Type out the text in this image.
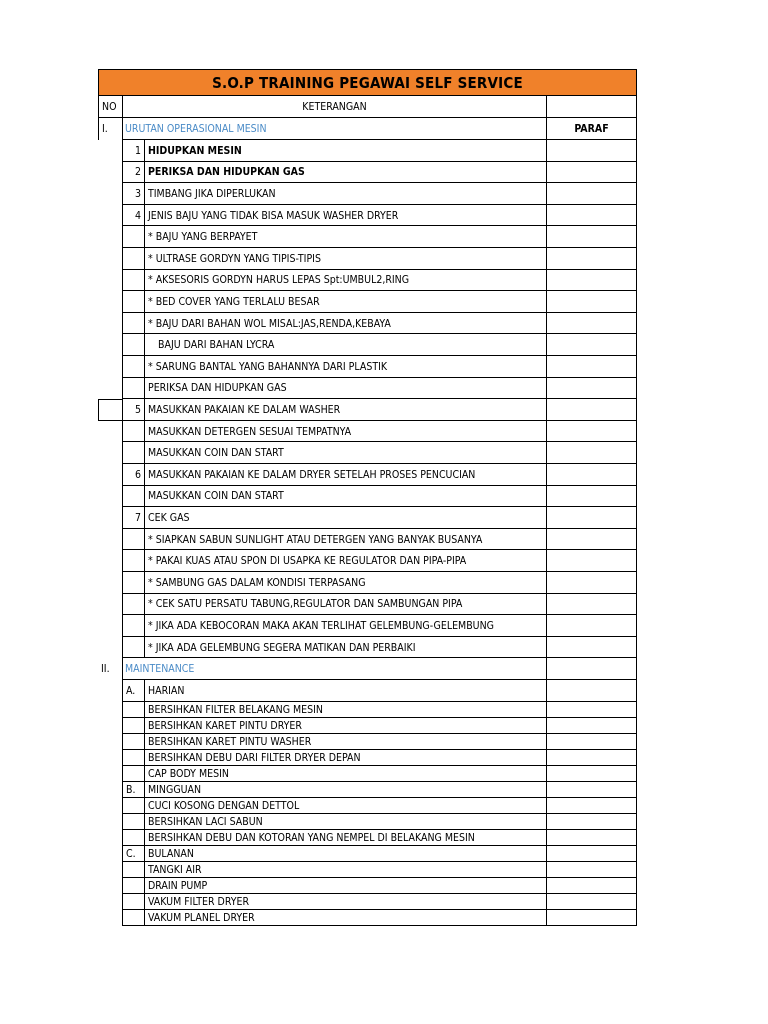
S.O.P TRAINING PEGAWAI SELF SERVICE
NO	KETERANGAN
I.	URUTAN OPERASIONAL MESIN	PARAF
1 HIDUPKAN MESIN
2 PERIKSA DAN HIDUPKAN GAS
3 TIMBANG JIKA DIPERLUKAN
4 JENIS BAJU YANG TIDAK BISA MASUK WASHER DRYER
* BAJU YANG BERPAYET
* ULTRASE GORDYN YANG TIPIS-TIPIS
* AKSESORIS GORDYN HARUS LEPAS Spt:UMBUL2,RING
* BED COVER YANG TERLALU BESAR
* BAJU DARI BAHAN WOL MISAL:JAS,RENDA,KEBAYA
BAJU DARI BAHAN LYCRA
* SARUNG BANTAL YANG BAHANNYA DARI PLASTIK
PERIKSA DAN HIDUPKAN GAS
5 MASUKKAN PAKAIAN KE DALAM WASHER
MASUKKAN DETERGEN SESUAI TEMPATNYA
MASUKKAN COIN DAN START
6 MASUKKAN PAKAIAN KE DALAM DRYER SETELAH PROSES PENCUCIAN
MASUKKAN COIN DAN START
7 CEK GAS
* SIAPKAN SABUN SUNLIGHT ATAU DETERGEN YANG BANYAK BUSANYA
* PAKAI KUAS ATAU SPON DI USAPKA KE REGULATOR DAN PIPA-PIPA
* SAMBUNG GAS DALAM KONDISI TERPASANG
* CEK SATU PERSATU TABUNG,REGULATOR DAN SAMBUNGAN PIPA
* JIKA ADA KEBOCORAN MAKA AKAN TERLIHAT GELEMBUNG-GELEMBUNG
* JIKA ADA GELEMBUNG SEGERA MATIKAN DAN PERBAIKI
II.	MAINTENANCE
A.	HARIAN
BERSIHKAN FILTER BELAKANG MESIN
BERSIHKAN KARET PINTU DRYER
BERSIHKAN KARET PINTU WASHER
BERSIHKAN DEBU DARI FILTER DRYER DEPAN
CAP BODY MESIN
B.	MINGGUAN
CUCI KOSONG DENGAN DETTOL
BERSIHKAN LACI SABUN
BERSIHKAN DEBU DAN KOTORAN YANG NEMPEL DI BELAKANG MESIN
C.	BULANAN
TANGKI AIR
DRAIN PUMP
VAKUM FILTER DRYER
VAKUM PLANEL DRYER
